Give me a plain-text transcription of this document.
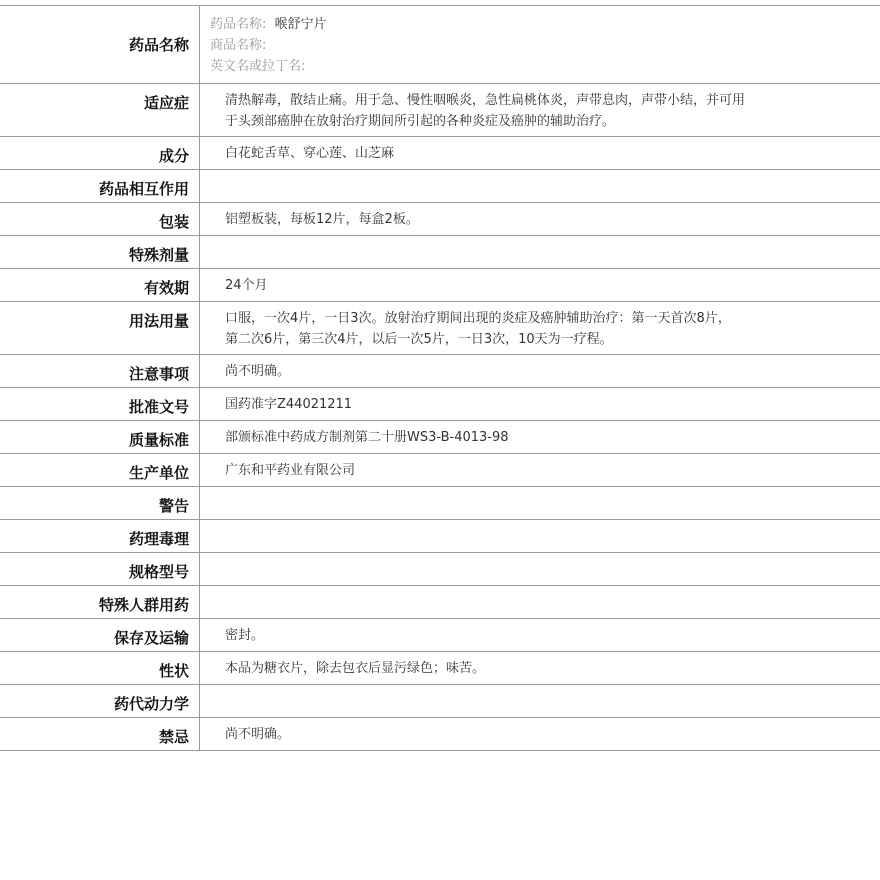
药品名称
药品名称: 喉舒宁片
商品名称:
英文名或拉丁名:
适应症	清热解毒，散结止痛。用于急、慢性咽喉炎，急性扁桃体炎，声带息肉，声带小结，并可用
于头颈部癌肿在放射治疗期间所引起的各种炎症及癌肿的辅助治疗。
成分	白花蛇舌草、穿心莲、山芝麻
药品相互作用
包装	铝塑板装，每板12片，每盒2板。
特殊剂量
有效期	24个月
用法用量	口服，一次4片，一日3次。放射治疗期间出现的炎症及癌肿辅助治疗：第一天首次8片，
第二次6片，第三次4片，以后一次5片，一日3次，10天为一疗程。
注意事项	尚不明确。
批准文号	国药准字Z44021211
质量标准	部颁标准中药成方制剂第二十册WS3-B-4013-98
生产单位	广东和平药业有限公司
警告
药理毒理
规格型号
特殊人群用药
保存及运输	密封。
性状	本品为糖衣片，除去包衣后显污绿色；味苦。
药代动力学
禁忌	尚不明确。
